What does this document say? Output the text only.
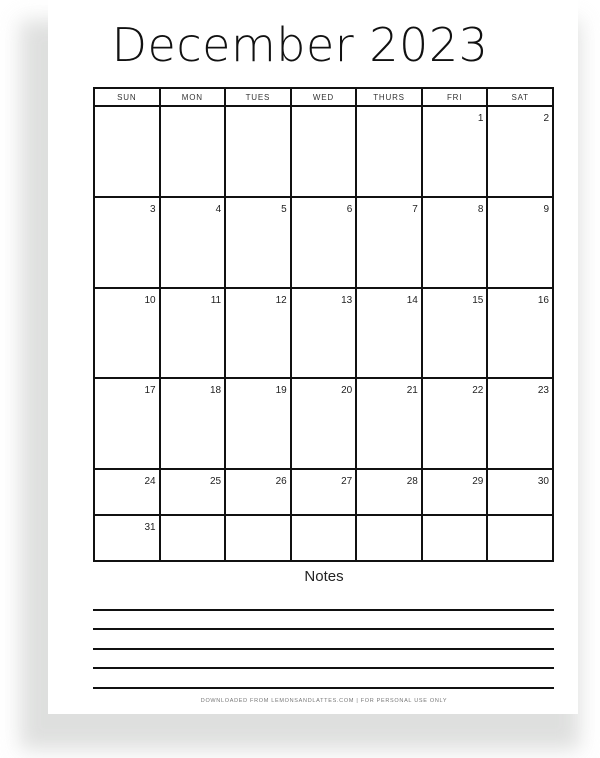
December 2023
SUN	MON	TUES	WED	THURS	FRI	SAT

					1	2

3	4	5	6	7	8	9

10	11	12	13	14	15	16

17	18	19	20	21	22	23

24	25	26	27	28	29	30

31						

Notes
DOWNLOADED FROM LEMONSANDLATTES.COM | FOR PERSONAL USE ONLY
